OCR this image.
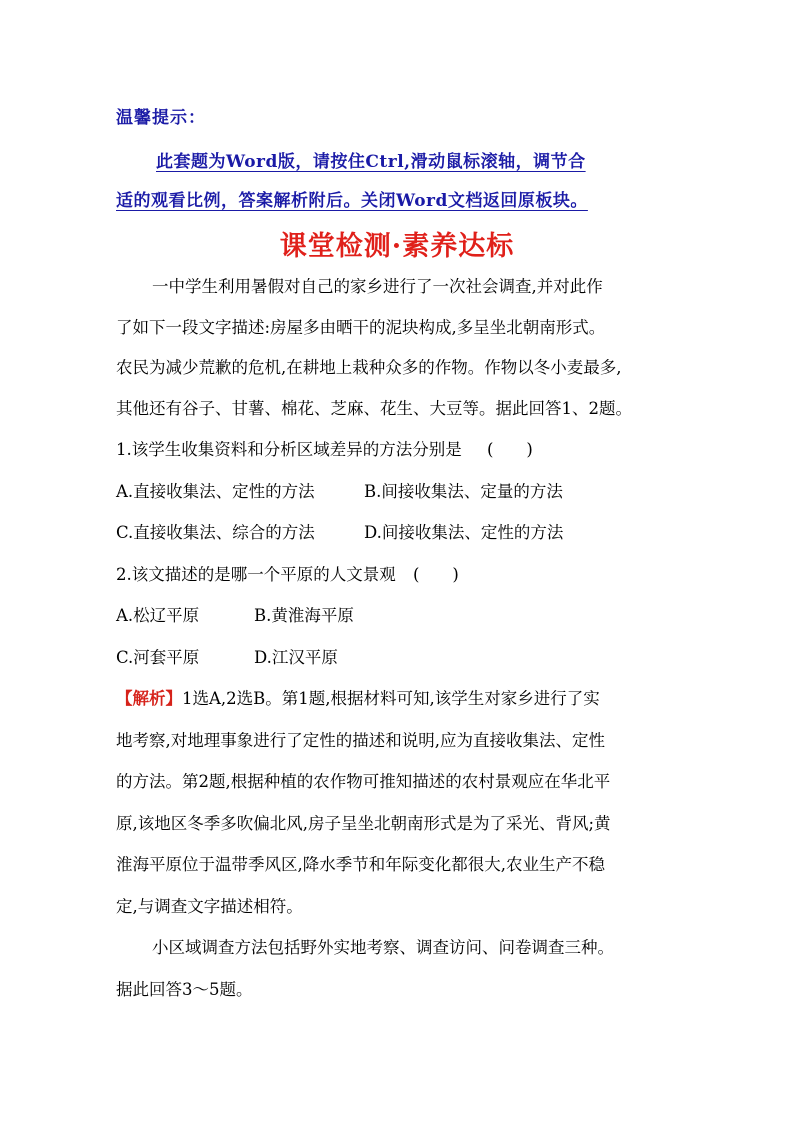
温馨提示：
此套题为Word版，请按住Ctrl,滑动鼠标滚轴，调节合
适的观看比例，答案解析附后。关闭Word文档返回原板块。
课堂检测·素养达标
一中学生利用暑假对自己的家乡进行了一次社会调查,并对此作
了如下一段文字描述:房屋多由晒干的泥块构成,多呈坐北朝南形式。
农民为减少荒歉的危机,在耕地上栽种众多的作物。作物以冬小麦最多,
其他还有谷子、甘薯、棉花、芝麻、花生、大豆等。据此回答1、2题。
1.该学生收集资料和分析区域差异的方法分别是 (　　)
A.直接收集法、定性的方法	B.间接收集法、定量的方法
C.直接收集法、综合的方法	D.间接收集法、定性的方法
2.该文描述的是哪一个平原的人文景观 (　　)
A.松辽平原	B.黄淮海平原
C.河套平原	D.江汉平原
【解析】1选A,2选B。第1题,根据材料可知,该学生对家乡进行了实
地考察,对地理事象进行了定性的描述和说明,应为直接收集法、定性
的方法。第2题,根据种植的农作物可推知描述的农村景观应在华北平
原,该地区冬季多吹偏北风,房子呈坐北朝南形式是为了采光、背风;黄
淮海平原位于温带季风区,降水季节和年际变化都很大,农业生产不稳
定,与调查文字描述相符。
小区域调查方法包括野外实地考察、调查访问、问卷调查三种。
据此回答3～5题。
